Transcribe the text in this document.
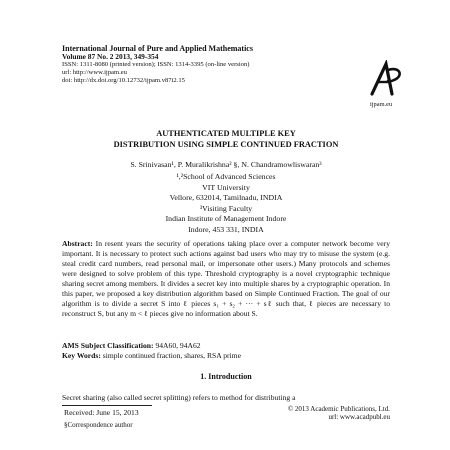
International Journal of Pure and Applied Mathematics
Volume 87 No. 2 2013, 349-354
ISSN: 1311-8080 (printed version); ISSN: 1314-3395 (on-line version)
url: http://www.ijpam.eu
doi: http://dx.doi.org/10.12732/ijpam.v87i2.15
ijpam.eu
AUTHENTICATED MULTIPLE KEY
DISTRIBUTION USING SIMPLE CONTINUED FRACTION
S. Srinivasan¹, P. Muralikrishna² §, N. Chandramowliswaran³
¹,²School of Advanced Sciences
VIT University
Vellore, 632014, Tamilnadu, INDIA
³Visiting Faculty
Indian Institute of Management Indore
Indore, 453 331, INDIA
Abstract: In resent years the security of operations taking place over a computer network become very important. It is necessary to protect such actions against bad users who may try to misuse the system (e.g. steal credit card numbers, read personal mail, or impersonate other users.) Many protocols and schemes were designed to solve problem of this type. Threshold cryptography is a novel cryptographic technique sharing secret among members. It divides a secret key into multiple shares by a cryptographic operation. In this paper, we proposed a key distribution algorithm based on Simple Continued Fraction. The goal of our algorithm is to divide a secret S into ℓ pieces s₁ + s₂ + ··· + sℓ such that, ℓ pieces are necessary to reconstruct S, but any m < ℓ pieces give no information about S.
AMS Subject Classification: 94A60, 94A62
Key Words: simple continued fraction, shares, RSA prime
1. Introduction
Secret sharing (also called secret splitting) refers to method for distributing a
Received: June 15, 2013	© 2013 Academic Publications, Ltd.
url: www.acadpubl.eu
§Correspondence author
